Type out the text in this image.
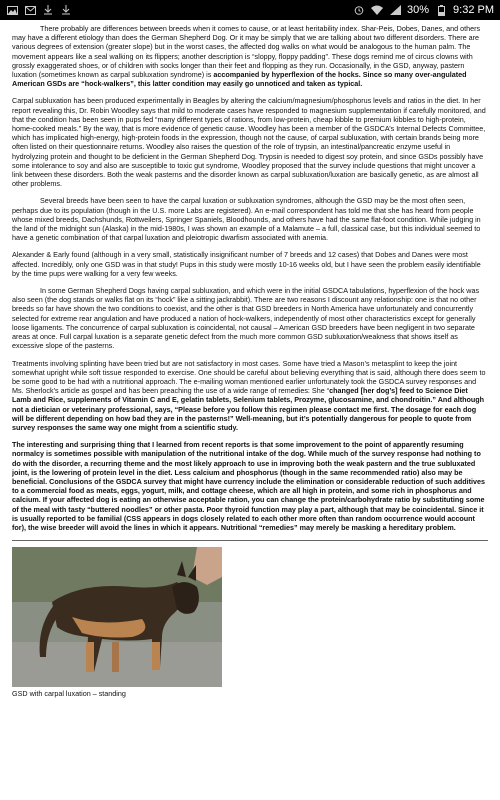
30% 9:32 PM

There probably are differences between breeds when it comes to cause, or at least heritability index. Shar-Peis, Dobes, Danes, and others may have a different etiology than does the German Shepherd Dog. Or it may be simply that we are talking about two different disorders. There are various degrees of extension (greater slope) but in the worst cases, the affected dog walks on what would be analogous to the human palm. The movement appears like a seal walking on its flippers; another description is “sloppy, floppy padding”. These dogs remind me of circus clowns with grossly exaggerated shoes, or of children with socks longer than their feet and flopping as they run. Occasionally, in the GSD, anyway, pastern luxation (sometimes known as carpal subluxation syndrome) is accompanied by hyperflexion of the hocks. Since so many over-angulated American GSDs are “hock-walkers”, this latter condition may easily go unnoticed and taken as typical.

Carpal subluxation has been produced experimentally in Beagles by altering the calcium/magnesium/phosphorus levels and ratios in the diet. In her report revealing this, Dr. Robin Woodley says that mild to moderate cases have responded to magnesium supplementation if carefully monitored, and that the condition has been seen in pups fed “many different types of rations, from low-protein, cheap kibble to premium kibbles to high-protein, home-cooked meals.” By the way, that is more evidence of genetic cause. Woodley has been a member of the GSDCA’s Internal Defects Committee, which has implicated high-energy, high-protein foods in the expression, though not the cause, of carpal subluxation, with certain brands being more often listed on their questionnaire returns. Woodley also raises the question of the role of trypsin, an intestinal/pancreatic enzyme useful in hydrolyzing protein and thought to be deficient in the German Shepherd Dog. Trypsin is needed to digest soy protein, and since GSDs possibly have some intolerance to soy and also are susceptible to toxic gut syndrome, Woodley proposed that the survey include questions that might uncover a link between these disorders. Both the weak pasterns and the disorder known as carpal subluxation/luxation are basically genetic, as are almost all other problems.

Several breeds have been seen to have the carpal luxation or subluxation syndromes, although the GSD may be the most often seen, perhaps due to its population (though in the U.S. more Labs are registered). An e-mail correspondent has told me that she has heard from people whose mixed breeds, Dachshunds, Rottweilers, Springer Spaniels, Bloodhounds, and others have had the same flat-foot condition. While judging in the land of the midnight sun (Alaska) in the mid-1980s, I was shown an example of a Malamute – a full, classical case, but this individual seemed to have a genetic combination of that carpal luxation and pleiotropic dwarfism associated with anemia.

Alexander & Early found (although in a very small, statistically insignificant number of 7 breeds and 12 cases) that Dobes and Danes were most affected. Incredibly, only one GSD was in that study! Pups in this study were mostly 10-16 weeks old, but I have seen the problem easily identifiable by the time pups were walking for a very few weeks.

In some German Shepherd Dogs having carpal subluxation, and which were in the initial GSDCA tabulations, hyperflexion of the hock was also seen (the dog stands or walks flat on its “hock” like a sitting jackrabbit). There are two reasons I discount any relationship: one is that no other breeds so far have shown the two conditions to coexist, and the other is that GSD breeders in North America have unfortunately and concurrently selected for extreme rear angulation and have produced a nation of hock-walkers, independently of most other characteristics except for generally loose ligaments. The concurrence of carpal subluxation is coincidental, not causal – American GSD breeders have been negligent in two separate areas at once. Full carpal luxation is a separate genetic defect from the much more common GSD subluxation/weakness that shows itself as excessive slope of the pasterns.

Treatments involving splinting have been tried but are not satisfactory in most cases. Some have tried a Mason’s metasplint to keep the joint somewhat upright while soft tissue responded to exercise. One should be careful about believing everything that is said, although there does seem to be some good to be had with a nutritional approach. The e-mailing woman mentioned earlier unfortunately took the GSDCA survey responses and Ms. Sherlock’s article as gospel and has been preaching the use of a wide range of remedies: She “changed [her dog’s] feed to Science Diet Lamb and Rice, supplements of Vitamin C and E, gelatin tablets, Selenium tablets, Prozyme, glucosamine, and chondroitin.” And although not a dietician or veterinary professional, says, “Please before you follow this regimen please contact me first. The dosage for each dog will be different depending on how bad they are in the pasterns!” Well-meaning, but it’s potentially dangerous for people to quote from survey responses the same way one might from a scientific study.

The interesting and surprising thing that I learned from recent reports is that some improvement to the point of apparently resuming normalcy is sometimes possible with manipulation of the nutritional intake of the dog. While much of the survey response had nothing to do with the disorder, a recurring theme and the most likely approach to use in improving both the weak pastern and the true subluxated joint, is the lowering of protein level in the diet. Less calcium and phosphorus (though in the same recommended ratio) also may be beneficial. Conclusions of the GSDCA survey that might have currency include the elimination or considerable reduction of such additives to a commercial food as meats, eggs, yogurt, milk, and cottage cheese, which are all high in protein, and some rich in phosphorus and calcium. If your affected dog is eating an otherwise acceptable ration, you can change the protein/carbohydrate ratio by substituting some of the meal with tasty “buttered noodles” or other pasta. Poor thyroid function may play a part, although that may be coincidental. Since it is usually reported to be familial (CSS appears in dogs closely related to each other more often than random occurrence would account for), the wise breeder will avoid the lines in which it appears. Nutritional “remedies” may merely be masking a hereditary problem.

GSD with carpal luxation – standing
